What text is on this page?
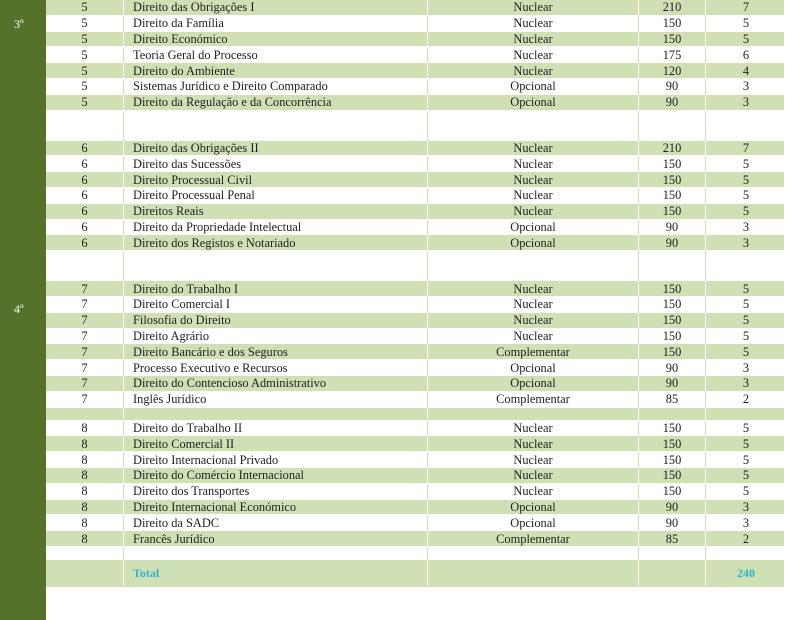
3º
4º
5	Direito das Obrigações I	Nuclear	210	7
5	Direito da Família	Nuclear	150	5
5	Direito Económico	Nuclear	150	5
5	Teoria Geral do Processo	Nuclear	175	6
5	Direito do Ambiente	Nuclear	120	4
5	Sistemas Jurídico e Direito Comparado	Opcional	90	3
5	Direito da Regulação e da Concorrência	Opcional	90	3

6	Direito das Obrigações II	Nuclear	210	7
6	Direito das Sucessões	Nuclear	150	5
6	Direito Processual Civil	Nuclear	150	5
6	Direito Processual Penal	Nuclear	150	5
6	Direitos Reais	Nuclear	150	5
6	Direito da Propriedade Intelectual	Opcional	90	3
6	Direito dos Registos e Notariado	Opcional	90	3

7	Direito do Trabalho I	Nuclear	150	5
7	Direito Comercial I	Nuclear	150	5
7	Filosofia do Direito	Nuclear	150	5
7	Direito Agrário	Nuclear	150	5
7	Direito Bancário e dos Seguros	Complementar	150	5
7	Processo Executivo e Recursos	Opcional	90	3
7	Direito do Contencioso Administrativo	Opcional	90	3
7	Inglês Jurídico	Complementar	85	2

8	Direito do Trabalho II	Nuclear	150	5
8	Direito Comercial II	Nuclear	150	5
8	Direito Internacional Privado	Nuclear	150	5
8	Direito do Comércio Internacional	Nuclear	150	5
8	Direito dos Transportes	Nuclear	150	5
8	Direito Internacional Económico	Opcional	90	3
8	Direito da SADC	Opcional	90	3
8	Francês Jurídico	Complementar	85	2

	Total			240
